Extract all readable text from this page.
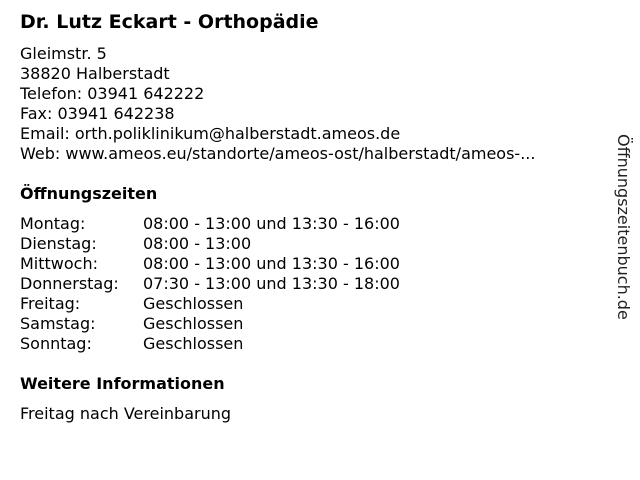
Dr. Lutz Eckart - Orthopädie
Gleimstr. 5
38820 Halberstadt
Telefon: 03941 642222
Fax: 03941 642238
Email: orth.poliklinikum@halberstadt.ameos.de
Web: www.ameos.eu/standorte/ameos-ost/halberstadt/ameos-...
Öffnungszeiten
Montag:	08:00 - 13:00 und 13:30 - 16:00
Dienstag:	08:00 - 13:00
Mittwoch:	08:00 - 13:00 und 13:30 - 16:00
Donnerstag:	07:30 - 13:00 und 13:30 - 18:00
Freitag:	Geschlossen
Samstag:	Geschlossen
Sonntag:	Geschlossen
Weitere Informationen
Freitag nach Vereinbarung
Öffnungszeitenbuch.de
